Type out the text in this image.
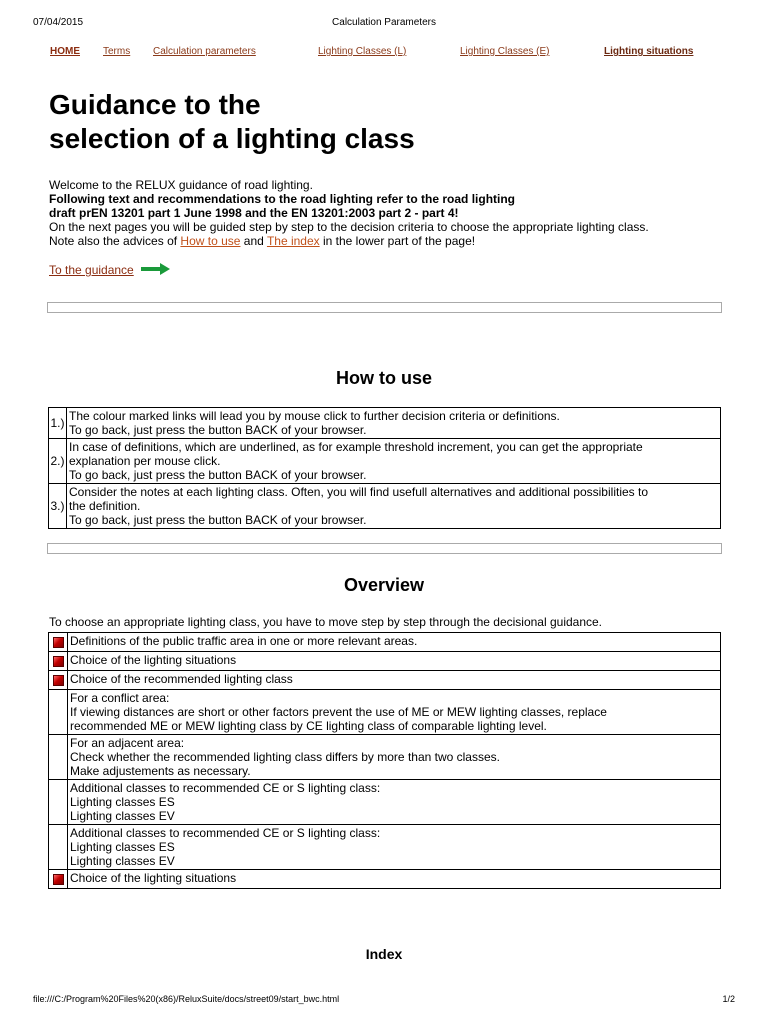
07/04/2015	Calculation Parameters
HOME Terms Calculation parameters	Lighting Classes (L)	Lighting Classes (E)	Lighting situations
Guidance to the
selection of a lighting class

Welcome to the RELUX guidance of road lighting.

Following text and recommendations to the road lighting refer to the road lighting

draft prEN 13201 part 1 June 1998 and the EN 13201:2003 part 2 - part 4!

On the next pages you will be guided step by step to the decision criteria to choose the appropriate lighting class.

Note also the advices of How to use and The index in the lower part of the page!

To the guidance
How to use
1.)	The colour marked links will lead you by mouse click to further decision criteria or definitions.
To go back, just press the button BACK of your browser.

2.)	In case of definitions, which are underlined, as for example threshold increment, you can get the appropriate
explanation per mouse click.
To go back, just press the button BACK of your browser.

3.)	Consider the notes at each lighting class. Often, you will find usefull alternatives and additional possibilities to
the definition.
To go back, just press the button BACK of your browser.
Overview
To choose an appropriate lighting class, you have to move step by step through the decisional guidance.

	Definitions of the public traffic area in one or more relevant areas.

	Choice of the lighting situations

	Choice of the recommended lighting class

	For a conflict area:
If viewing distances are short or other factors prevent the use of ME or MEW lighting classes, replace
recommended ME or MEW lighting class by CE lighting class of comparable lighting level.

	For an adjacent area:
Check whether the recommended lighting class differs by more than two classes.
Make adjustements as necessary.

	Additional classes to recommended CE or S lighting class:
Lighting classes ES
Lighting classes EV

	Additional classes to recommended CE or S lighting class:
Lighting classes ES
Lighting classes EV

	Choice of the lighting situations
Index
file:///C:/Program%20Files%20(x86)/ReluxSuite/docs/street09/start_bwc.html	1/2
